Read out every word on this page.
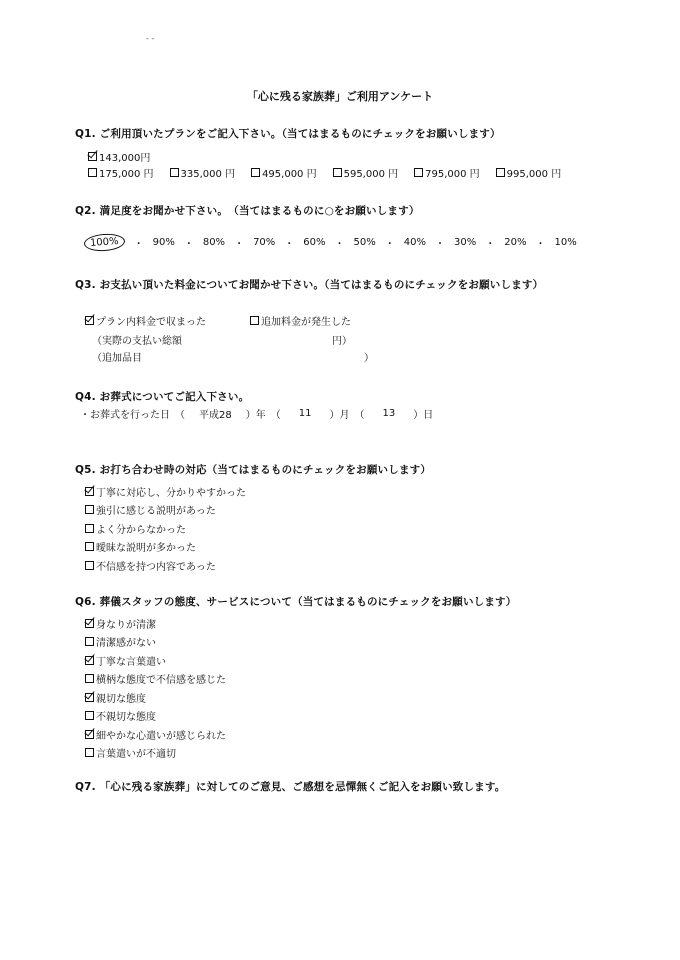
- -
「心に残る家族葬」ご利用アンケート
Q1. ご利用頂いたプランをご記入下さい。（当てはまるものにチェックをお願いします）
143,000円
175,000 円	335,000 円	495,000 円	595,000 円	795,000 円	995,000 円
Q2. 満足度をお聞かせ下さい。　（当てはまるものに○をお願いします）
100%	・ 90% ・ 80% ・ 70% ・ 60% ・ 50% ・ 40% ・ 30% ・ 20% ・ 10%
Q3. お支払い頂いた料金についてお聞かせ下さい。（当てはまるものにチェックをお願いします）
プラン内料金で収まった	追加料金が発生した
（実際の支払い総額	円）
（追加品目	）
Q4. お葬式についてご記入下さい。
・お葬式を行った日　（ 平成28 ）年　（ 11 ）月　（ 13 ）日
Q5. お打ち合わせ時の対応（当てはまるものにチェックをお願いします）
丁寧に対応し、分かりやすかった
強引に感じる説明があった
よく分からなかった
曖昧な説明が多かった
不信感を持つ内容であった
Q6. 葬儀スタッフの態度、サービスについて（当てはまるものにチェックをお願いします）
身なりが清潔
清潔感がない
丁寧な言葉遣い
横柄な態度で不信感を感じた
親切な態度
不親切な態度
細やかな心遣いが感じられた
言葉遣いが不適切
Q7. 「心に残る家族葬」に対してのご意見、ご感想を忌憚無くご記入をお願い致します。
